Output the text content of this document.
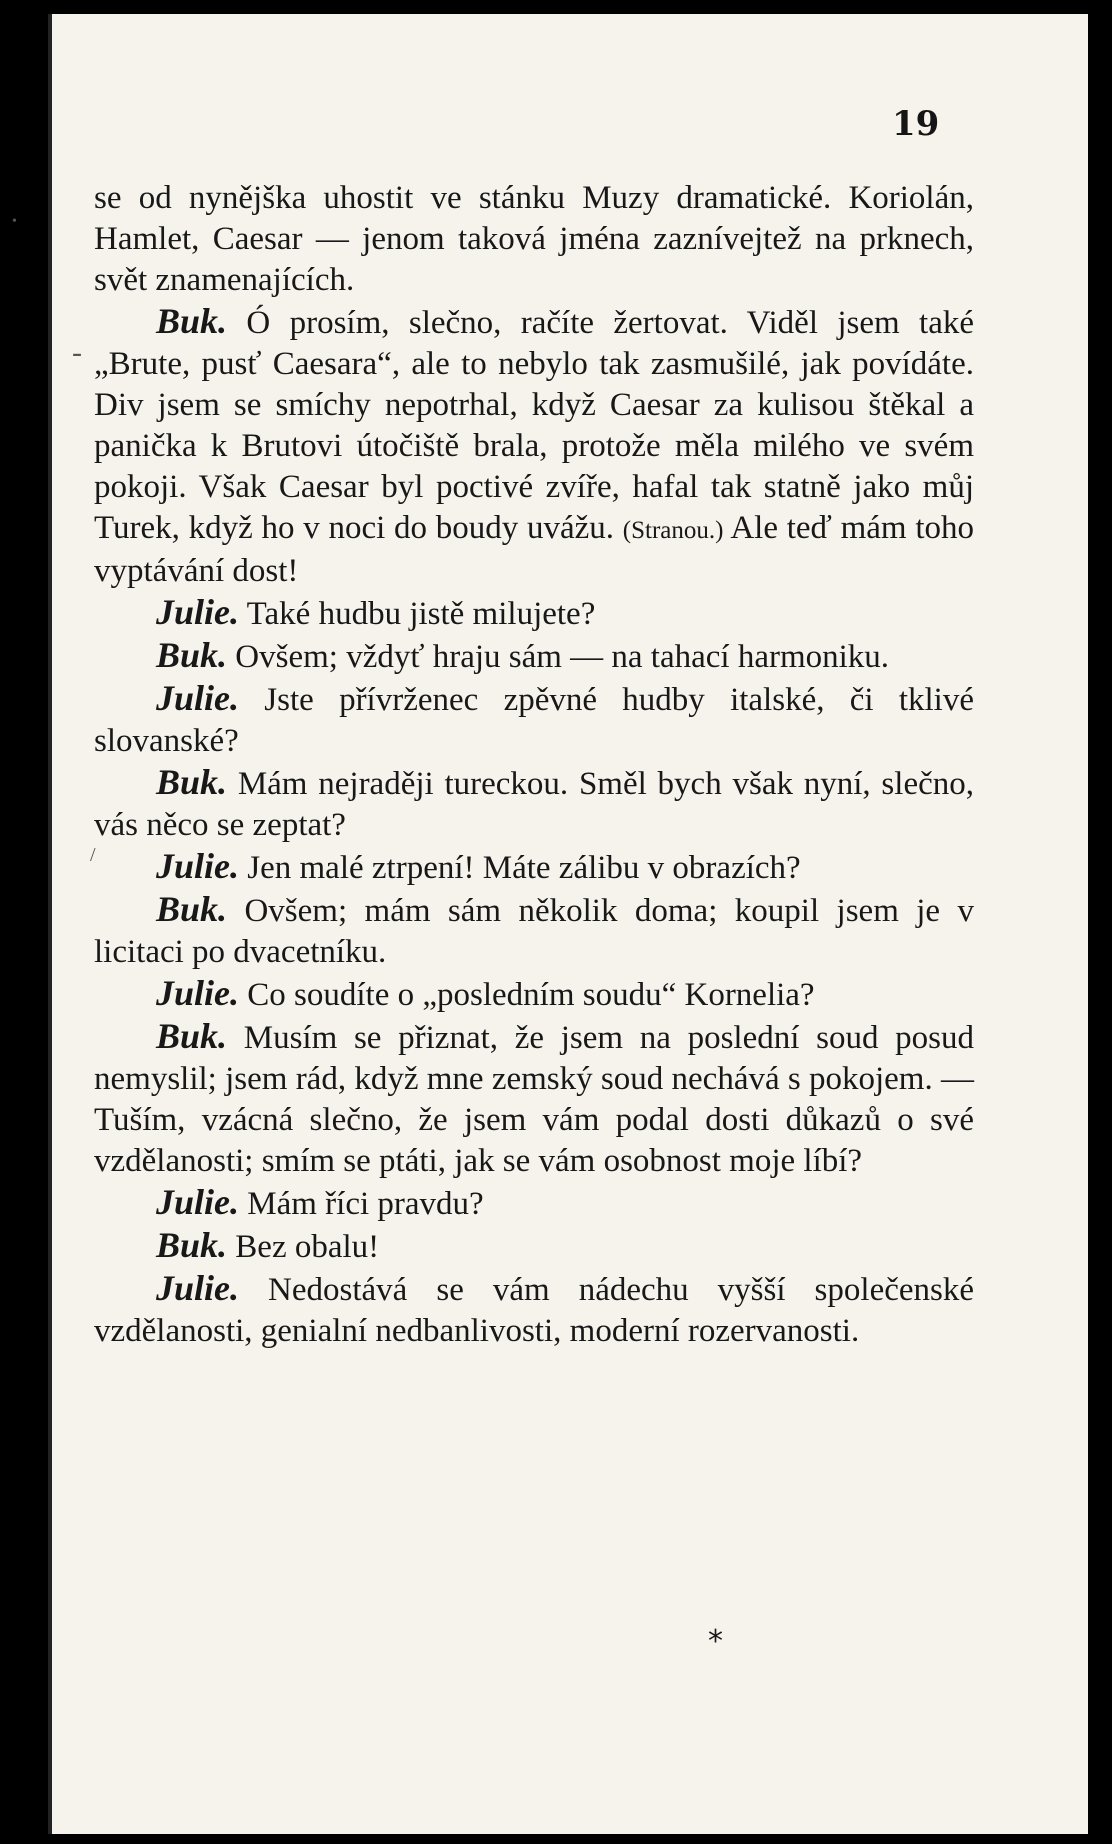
19

se od nynějška uhostit ve stánku Muzy dramatické. Koriolán, Hamlet, Caesar — jenom taková jména zaznívejtež na prknech, svět znamenajících.

Buk. Ó prosím, slečno, račíte žertovat. Viděl jsem také „Brute, pusť Caesara“, ale to nebylo tak zasmušilé, jak povídáte. Div jsem se smíchy nepotrhal, když Caesar za kulisou štěkal a panička k Brutovi útočiště brala, protože měla milého ve svém pokoji. Však Caesar byl poctivé zvíře, hafal tak statně jako můj Turek, když ho v noci do boudy uvážu. (Stranou.) Ale teď mám toho vyptávání dost!

Julie. Také hudbu jistě milujete?

Buk. Ovšem; vždyť hraju sám — na tahací harmoniku.

Julie. Jste přívrženec zpěvné hudby italské, či tklivé slovanské?

Buk. Mám nejraději tureckou. Směl bych však nyní, slečno, vás něco se zeptat?

Julie. Jen malé ztrpení! Máte zálibu v obrazích?

Buk. Ovšem; mám sám několik doma; koupil jsem je v licitaci po dvacetníku.

Julie. Co soudíte o „posledním soudu“ Kornelia?

Buk. Musím se přiznat, že jsem na poslední soud posud nemyslil; jsem rád, když mne zemský soud nechává s pokojem. — Tuším, vzácná slečno, že jsem vám podal dosti důkazů o své vzdělanosti; smím se ptáti, jak se vám osobnost moje líbí?

Julie. Mám říci pravdu?

Buk. Bez obalu!

Julie. Nedostává se vám nádechu vyšší společenské vzdělanosti, genialní nedbanlivosti, moderní rozervanosti.

*
-
•
/
